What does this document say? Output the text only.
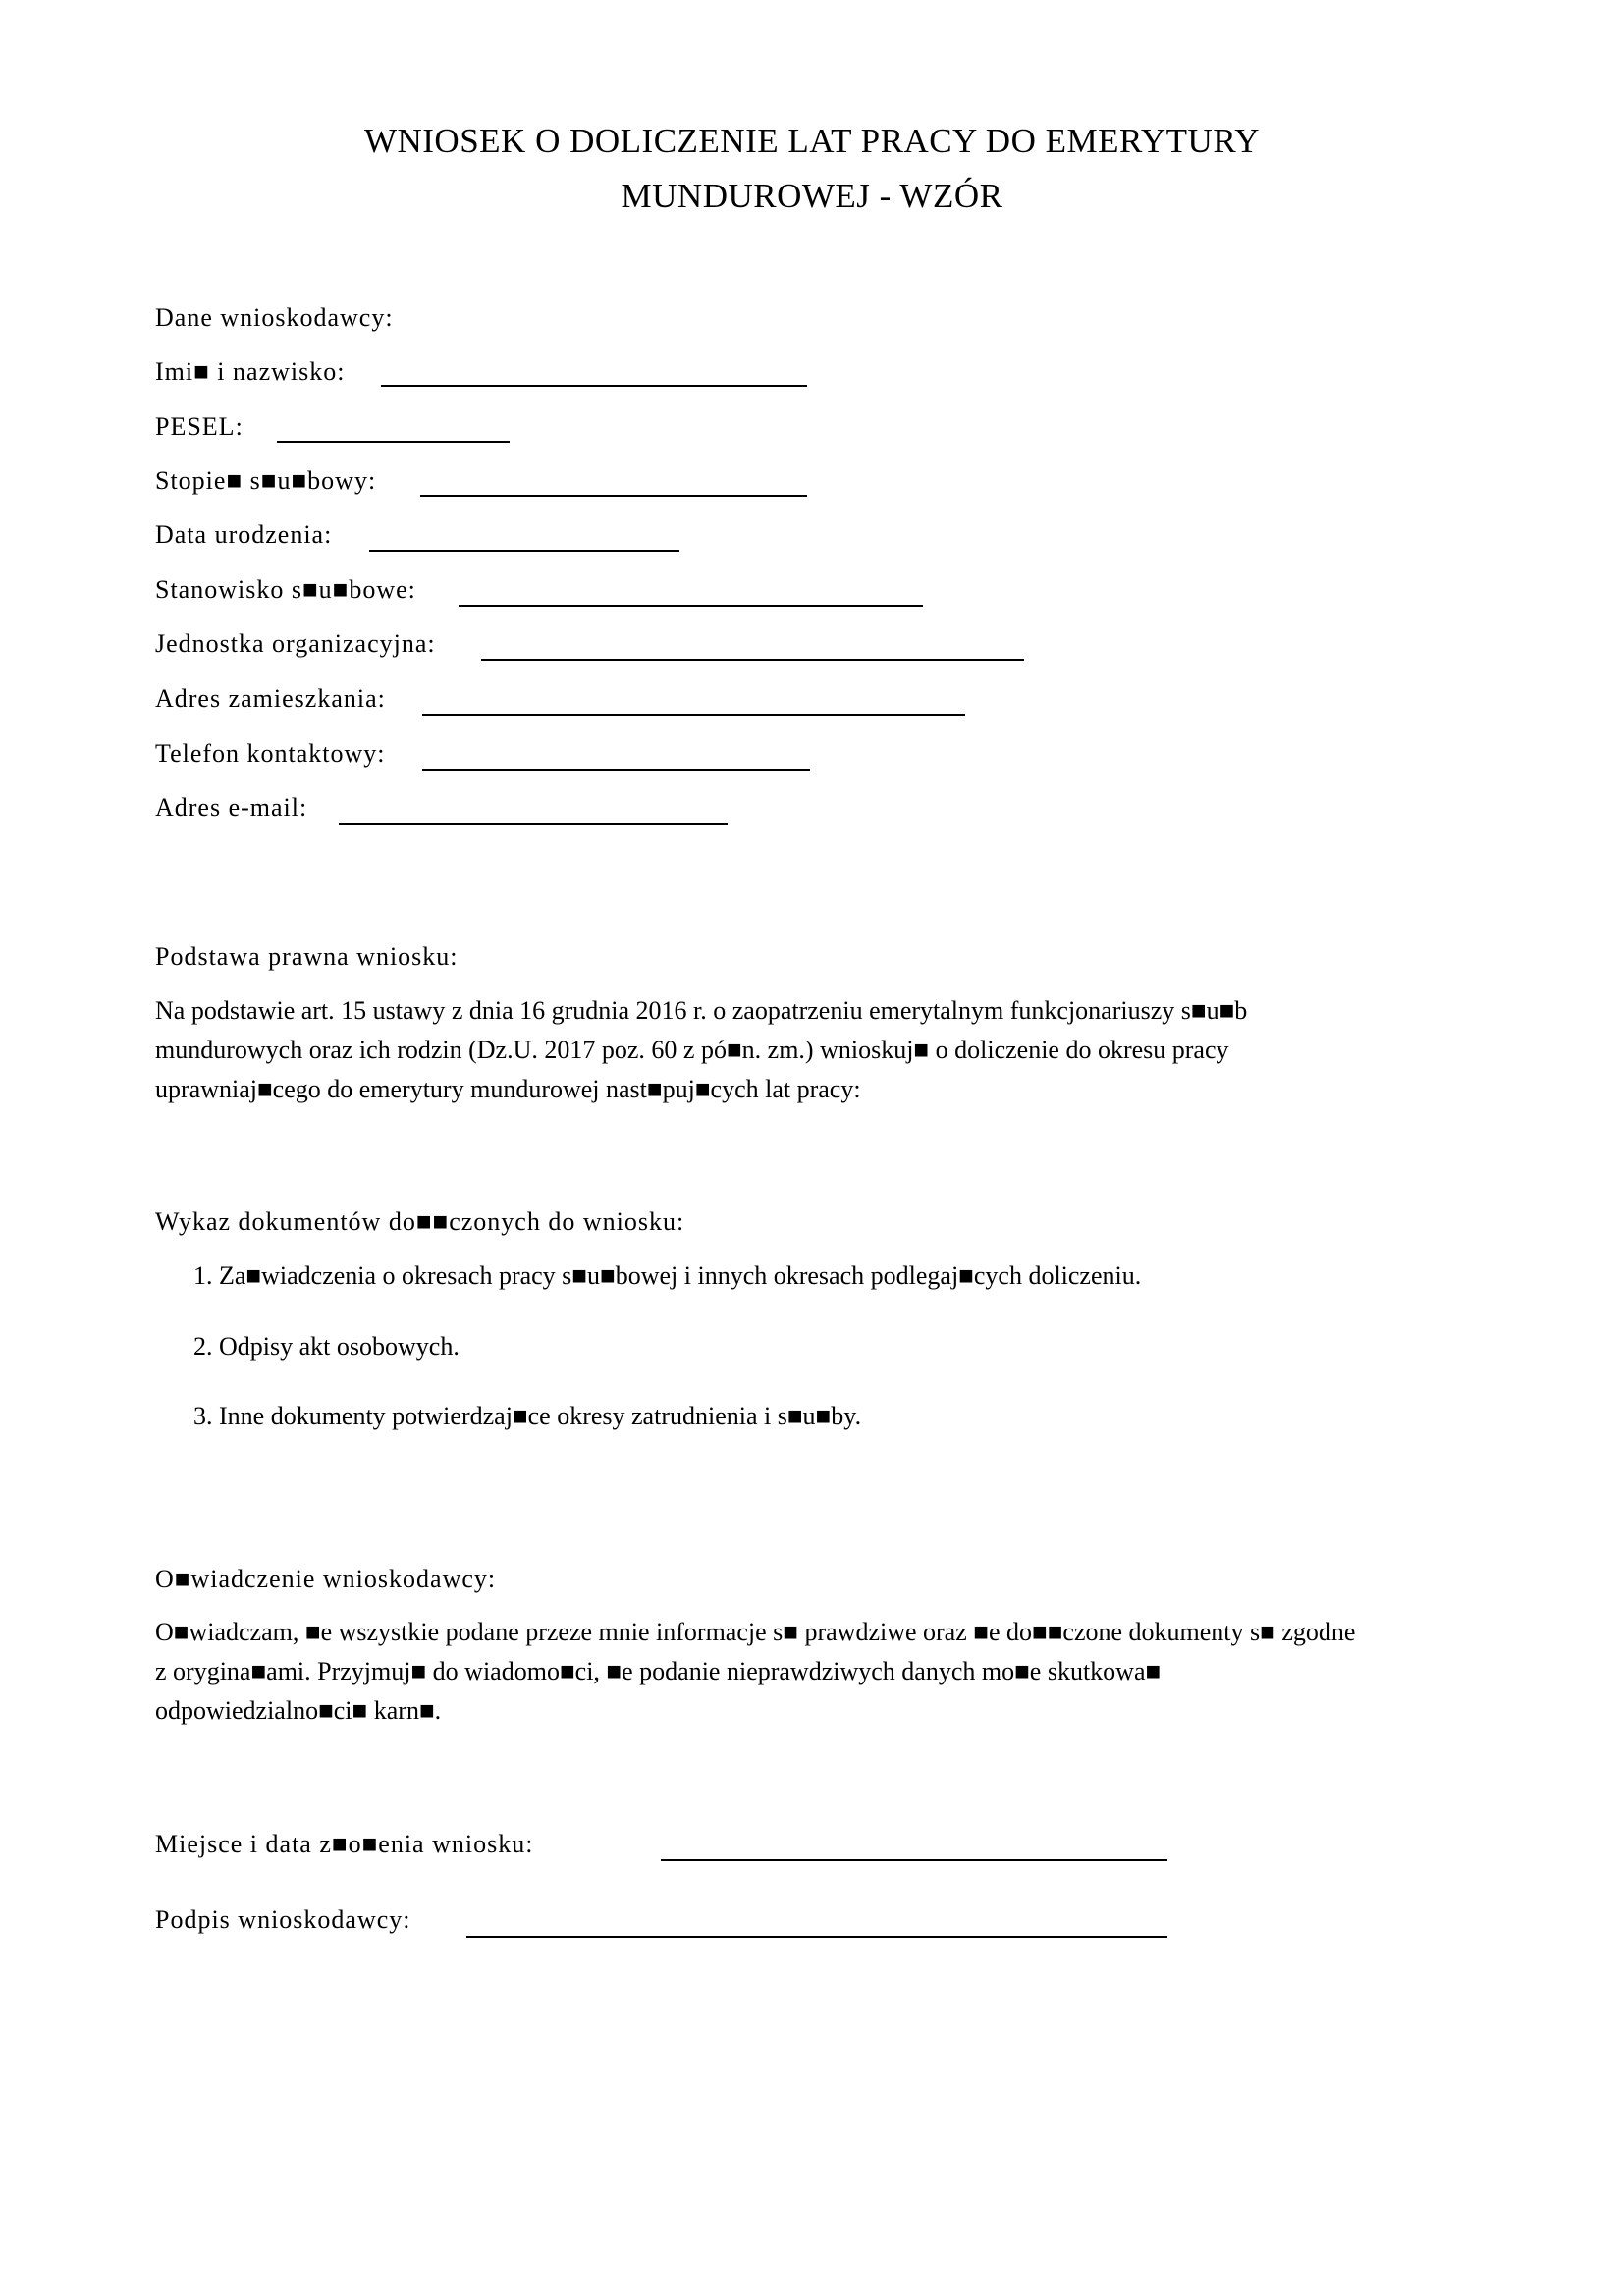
WNIOSEK O DOLICZENIE LAT PRACY DO EMERYTURY
MUNDUROWEJ - WZÓR
Dane wnioskodawcy:
Imi■ i nazwisko:
PESEL:
Stopie■ s■u■bowy:
Data urodzenia:
Stanowisko s■u■bowe:
Jednostka organizacyjna:
Adres zamieszkania:
Telefon kontaktowy:
Adres e-mail:
Podstawa prawna wniosku:
Na podstawie art. 15 ustawy z dnia 16 grudnia 2016 r. o zaopatrzeniu emerytalnym funkcjonariuszy s■u■b
mundurowych oraz ich rodzin (Dz.U. 2017 poz. 60 z pó■n. zm.) wnioskuj■ o doliczenie do okresu pracy
uprawniaj■cego do emerytury mundurowej nast■puj■cych lat pracy:
Wykaz dokumentów do■■czonych do wniosku:
1. Za■wiadczenia o okresach pracy s■u■bowej i innych okresach podlegaj■cych doliczeniu.
2. Odpisy akt osobowych.
3. Inne dokumenty potwierdzaj■ce okresy zatrudnienia i s■u■by.
O■wiadczenie wnioskodawcy:
O■wiadczam, ■e wszystkie podane przeze mnie informacje s■ prawdziwe oraz ■e do■■czone dokumenty s■ zgodne
z orygina■ami. Przyjmuj■ do wiadomo■ci, ■e podanie nieprawdziwych danych mo■e skutkowa■
odpowiedzialno■ci■ karn■.
Miejsce i data z■o■enia wniosku:
Podpis wnioskodawcy:
